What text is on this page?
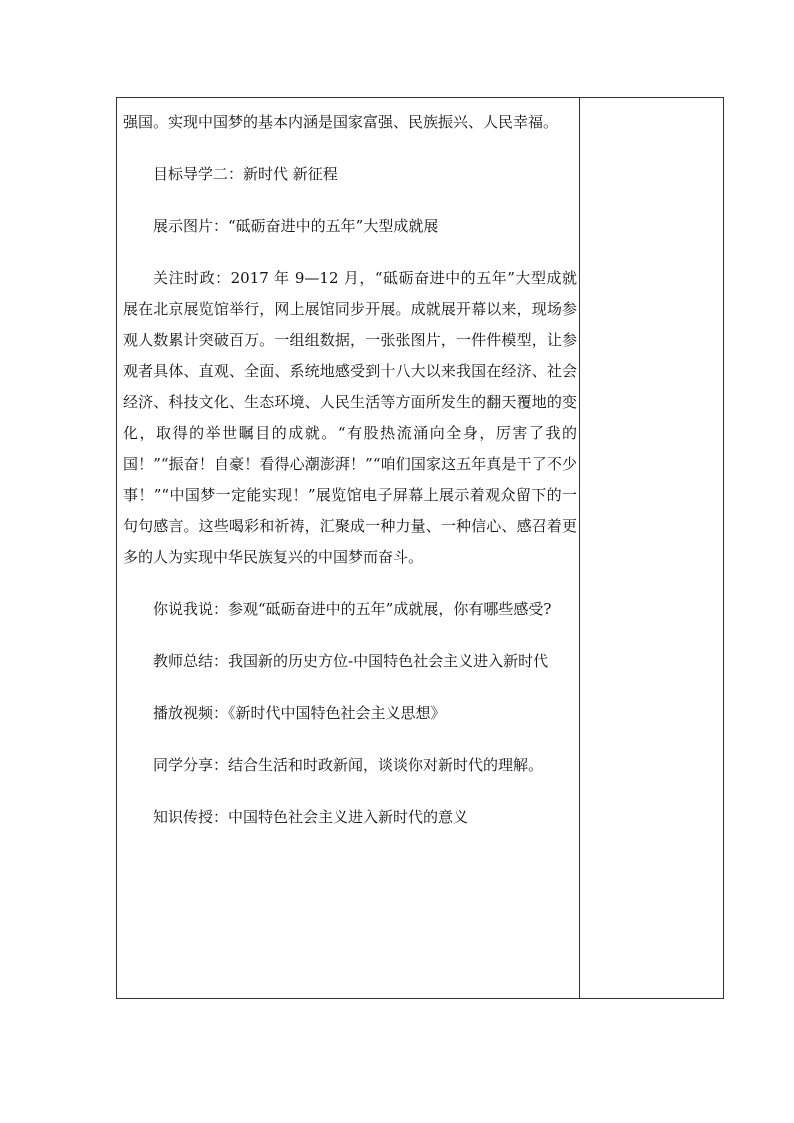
强国。实现中国梦的基本内涵是国家富强、民族振兴、人民幸福。

目标导学二：新时代 新征程

展示图片：“砥砺奋进中的五年”大型成就展

关注时政：2017 年 9—12 月，“砥砺奋进中的五年”大型成就展在北京展览馆举行，网上展馆同步开展。成就展开幕以来，现场参观人数累计突破百万。一组组数据，一张张图片，一件件模型，让参观者具体、直观、全面、系统地感受到十八大以来我国在经济、社会经济、科技文化、生态环境、人民生活等方面所发生的翻天覆地的变化，取得的举世瞩目的成就。“有股热流涌向全身，厉害了我的国！”“振奋！自豪！看得心潮澎湃！”“咱们国家这五年真是干了不少事！”“中国梦一定能实现！”展览馆电子屏幕上展示着观众留下的一句句感言。这些喝彩和祈祷，汇聚成一种力量、一种信心、感召着更多的人为实现中华民族复兴的中国梦而奋斗。

你说我说：参观“砥砺奋进中的五年”成就展，你有哪些感受?

教师总结：我国新的历史方位-中国特色社会主义进入新时代

播放视频：《新时代中国特色社会主义思想》

同学分享：结合生活和时政新闻，谈谈你对新时代的理解。

知识传授：中国特色社会主义进入新时代的意义
